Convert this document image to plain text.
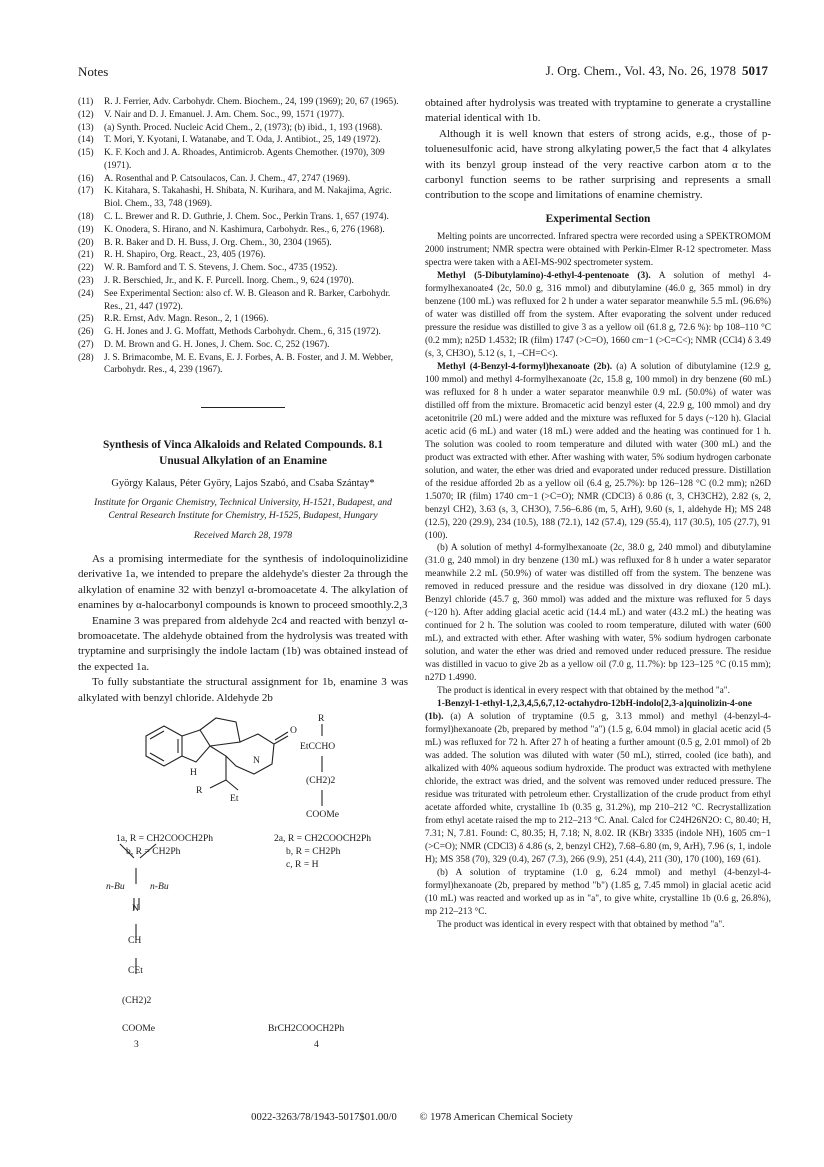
Notes	J. Org. Chem., Vol. 43, No. 26, 1978 5017
(11)	R. J. Ferrier, Adv. Carbohydr. Chem. Biochem., 24, 199 (1969); 20, 67 (1965).
(12)	V. Nair and D. J. Emanuel. J. Am. Chem. Soc., 99, 1571 (1977).
(13)	(a) Synth. Proced. Nucleic Acid Chem., 2, (1973); (b) ibid., 1, 193 (1968).
(14)	T. Mori, Y. Kyotani, I. Watanabe, and T. Oda, J. Antibiot., 25, 149 (1972).
(15)	K. F. Koch and J. A. Rhoades, Antimicrob. Agents Chemother. (1970), 309 (1971).
(16)	A. Rosenthal and P. Catsoulacos, Can. J. Chem., 47, 2747 (1969).
(17)	K. Kitahara, S. Takahashi, H. Shibata, N. Kurihara, and M. Nakajima, Agric. Biol. Chem., 33, 748 (1969).
(18)	C. L. Brewer and R. D. Guthrie, J. Chem. Soc., Perkin Trans. 1, 657 (1974).
(19)	K. Onodera, S. Hirano, and N. Kashimura, Carbohydr. Res., 6, 276 (1968).
(20)	B. R. Baker and D. H. Buss, J. Org. Chem., 30, 2304 (1965).
(21)	R. H. Shapiro, Org. React., 23, 405 (1976).
(22)	W. R. Bamford and T. S. Stevens, J. Chem. Soc., 4735 (1952).
(23)	J. R. Berschied, Jr., and K. F. Purcell. Inorg. Chem., 9, 624 (1970).
(24)	See Experimental Section: also cf. W. B. Gleason and R. Barker, Carbohydr. Res., 21, 447 (1972).
(25)	R.R. Ernst, Adv. Magn. Reson., 2, 1 (1966).
(26)	G. H. Jones and J. G. Moffatt, Methods Carbohydr. Chem., 6, 315 (1972).
(27)	D. M. Brown and G. H. Jones, J. Chem. Soc. C, 252 (1967).
(28)	J. S. Brimacombe, M. E. Evans, E. J. Forbes, A. B. Foster, and J. M. Webber, Carbohydr. Res., 4, 239 (1967).
Synthesis of Vinca Alkaloids and Related Compounds. 8.1 Unusual Alkylation of an Enamine
György Kalaus, Péter Györy, Lajos Szabó, and Csaba Szántay*
Institute for Organic Chemistry, Technical University, H-1521, Budapest, and Central Research Institute for Chemistry, H-1525, Budapest, Hungary
Received March 28, 1978

As a promising intermediate for the synthesis of indoloquinolizidine derivative 1a, we intended to prepare the aldehyde's diester 2a through the alkylation of enamine 32 with benzyl α-bromoacetate 4. The alkylation of enamines by α-halocarbonyl compounds is known to proceed smoothly.2,3

Enamine 3 was prepared from aldehyde 2c4 and reacted with benzyl α-bromoacetate. The aldehyde obtained from the hydrolysis was treated with tryptamine and surprisingly the indole lactam (1b) was obtained instead of the expected 1a.

To fully substantiate the structural assignment for 1b, enamine 3 was alkylated with benzyl chloride. Aldehyde 2b

N
H
O
R
Et
1a, R = CH2COOCH2Ph
b, R = CH2Ph
R
EtCCHO
(CH2)2
COOMe
2a, R = CH2COOCH2Ph
b, R = CH2Ph
c, R = H
n-Bu	n-Bu
N
CH
CEt
(CH2)2
COOMe
3
BrCH2COOCH2Ph
4

obtained after hydrolysis was treated with tryptamine to generate a crystalline material identical with 1b.

Although it is well known that esters of strong acids, e.g., those of p-toluenesulfonic acid, have strong alkylating power,5 the fact that 4 alkylates with its benzyl group instead of the very reactive carbon atom α to the carbonyl function seems to be rather surprising and represents a small contribution to the scope and limitations of enamine chemistry.

Experimental Section

Melting points are uncorrected. Infrared spectra were recorded using a SPEKTROMOM 2000 instrument; NMR spectra were obtained with Perkin-Elmer R-12 spectrometer. Mass spectra were taken with a AEI-MS-902 spectrometer system.

Methyl (5-Dibutylamino)-4-ethyl-4-pentenoate (3). A solution of methyl 4-formylhexanoate4 (2c, 50.0 g, 316 mmol) and dibutylamine (46.0 g, 365 mmol) in dry benzene (100 mL) was refluxed for 2 h under a water separator meanwhile 5.5 mL (96.6%) of water was distilled off from the system. After evaporating the solvent under reduced pressure the residue was distilled to give 3 as a yellow oil (61.8 g, 72.6 %): bp 108–110 °C (0.2 mm); n25D 1.4532; IR (film) 1747 (>C=O), 1660 cm−1 (>C=C<); NMR (CCl4) δ 3.49 (s, 3, CH3O), 5.12 (s, 1, –CH=C<).

Methyl (4-Benzyl-4-formyl)hexanoate (2b). (a) A solution of dibutylamine (12.9 g, 100 mmol) and methyl 4-formylhexanoate (2c, 15.8 g, 100 mmol) in dry benzene (60 mL) was refluxed for 8 h under a water separator meanwhile 0.9 mL (50.0%) of water was distilled off from the mixture. Bromacetic acid benzyl ester (4, 22.9 g, 100 mmol) and dry acetonitrile (20 mL) were added and the mixture was refluxed for 5 days (~120 h). Glacial acetic acid (6 mL) and water (18 mL) were added and the heating was continued for 1 h. The solution was cooled to room temperature and diluted with water (300 mL) and the product was extracted with ether. After washing with water, 5% sodium hydrogen carbonate solution, and water, the ether was dried and evaporated under reduced pressure. Distillation of the residue afforded 2b as a yellow oil (6.4 g, 25.7%): bp 126–128 °C (0.2 mm); n26D 1.5070; IR (film) 1740 cm−1 (>C=O); NMR (CDCl3) δ 0.86 (t, 3, CH3CH2), 2.82 (s, 2, benzyl CH2), 3.63 (s, 3, CH3O), 7.56–6.86 (m, 5, ArH), 9.60 (s, 1, aldehyde H); MS 248 (12.5), 220 (29.9), 234 (10.5), 188 (72.1), 142 (57.4), 129 (55.4), 117 (30.5), 105 (27.7), 91 (100).

(b) A solution of methyl 4-formylhexanoate (2c, 38.0 g, 240 mmol) and dibutylamine (31.0 g, 240 mmol) in dry benzene (130 mL) was refluxed for 8 h under a water separator meanwhile 2.2 mL (50.9%) of water was distilled off from the system. The benzene was removed in reduced pressure and the residue was dissolved in dry dioxane (120 mL). Benzyl chloride (45.7 g, 360 mmol) was added and the mixture was refluxed for 5 days (~120 h). After adding glacial acetic acid (14.4 mL) and water (43.2 mL) the heating was continued for 2 h. The solution was cooled to room temperature, diluted with water (600 mL), and extracted with ether. After washing with water, 5% sodium hydrogen carbonate solution, and water the ether was dried and removed under reduced pressure. The residue was distilled in vacuo to give 2b as a yellow oil (7.0 g, 11.7%): bp 123–125 °C (0.15 mm); n27D 1.4990.

The product is identical in every respect with that obtained by the method "a".

1-Benzyl-1-ethyl-1,2,3,4,5,6,7,12-octahydro-12bH-indolo[2,3-a]quinolizin-4-one (1b). (a) A solution of tryptamine (0.5 g, 3.13 mmol) and methyl (4-benzyl-4-formyl)hexanoate (2b, prepared by method "a") (1.5 g, 6.04 mmol) in glacial acetic acid (5 mL) was refluxed for 72 h. After 27 h of heating a further amount (0.5 g, 2.01 mmol) of 2b was added. The solution was diluted with water (50 mL), stirred, cooled (ice bath), and alkalized with 40% aqueous sodium hydroxide. The product was extracted with methylene chloride, the extract was dried, and the solvent was removed under reduced pressure. The residue was triturated with petroleum ether. Crystallization of the crude product from ethyl acetate afforded white, crystalline 1b (0.35 g, 31.2%), mp 210–212 °C. Recrystallization from ethyl acetate raised the mp to 212–213 °C. Anal. Calcd for C24H26N2O: C, 80.40; H, 7.31; N, 7.81. Found: C, 80.35; H, 7.18; N, 8.02. IR (KBr) 3335 (indole NH), 1605 cm−1 (>C=O); NMR (CDCl3) δ 4.86 (s, 2, benzyl CH2), 7.68–6.80 (m, 9, ArH), 7.96 (s, 1, indole H); MS 358 (70), 329 (0.4), 267 (7.3), 266 (9.9), 251 (4.4), 211 (30), 170 (100), 169 (61).

(b) A solution of tryptamine (1.0 g, 6.24 mmol) and methyl (4-benzyl-4-formyl)hexanoate (2b, prepared by method "b") (1.85 g, 7.45 mmol) in glacial acetic acid (10 mL) was reacted and worked up as in "a", to give white, crystalline 1b (0.6 g, 26.8%), mp 212–213 °C.

The product was identical in every respect with that obtained by method "a".

0022-3263/78/1943-5017$01.00/0 © 1978 American Chemical Society
